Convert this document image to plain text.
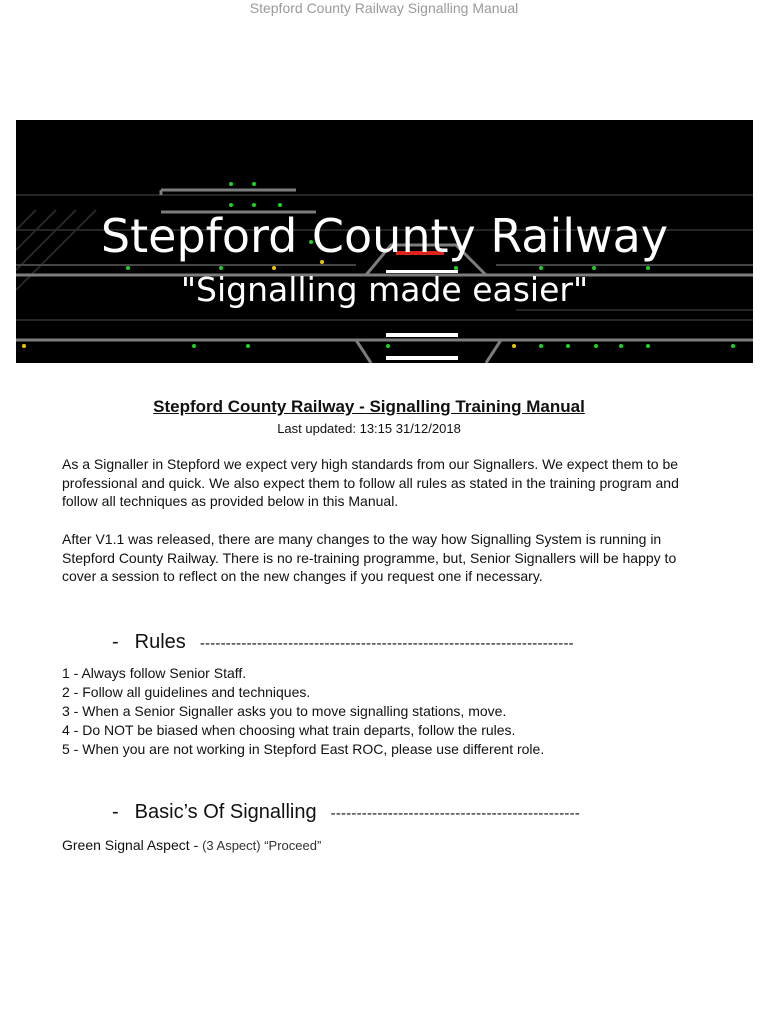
Stepford County Railway Signalling Manual
Stepford County Railway
"Signalling made easier"
Stepford County Railway - Signalling Training Manual
Last updated: 13:15 31/12/2018

As a Signaller in Stepford we expect very high standards from our Signallers. We expect them to be professional and quick. We also expect them to follow all rules as stated in the training program and follow all techniques as provided below in this Manual.

After V1.1 was released, there are many changes to the way how Signalling System is running in Stepford County Railway. There is no re-training programme, but, Senior Signallers will be happy to cover a session to reflect on the new changes if you request one if necessary.

- Rules ------------------------------------------------------------------------
1 - Always follow Senior Staff.
2 - Follow all guidelines and techniques.
3 - When a Senior Signaller asks you to move signalling stations, move.
4 - Do NOT be biased when choosing what train departs, follow the rules.
5 - When you are not working in Stepford East ROC, please use different role.
- Basic’s Of Signalling ------------------------------------------------
Green Signal Aspect - (3 Aspect) “Proceed”
